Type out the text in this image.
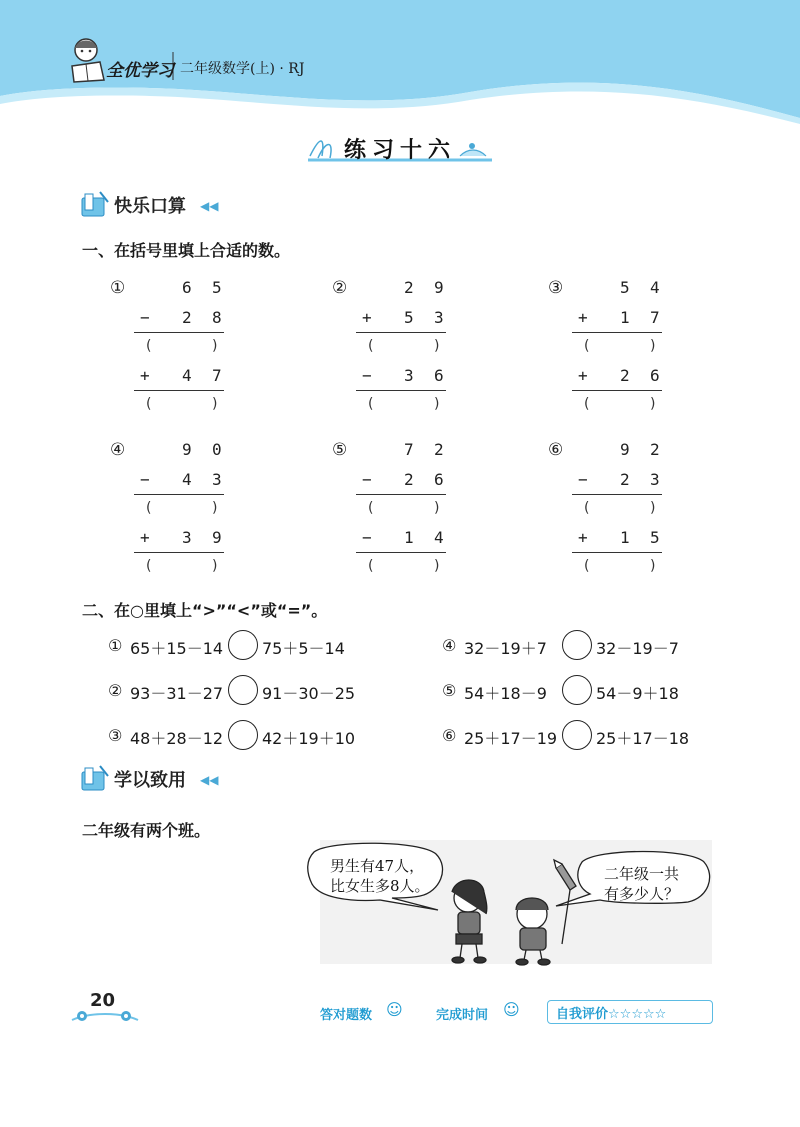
全优学习 二年级数学(上) · RJ
练习十六
快乐口算 ◀◀
一、在括号里填上合适的数。
①	6 5
− 2 8
(	)
+ 4 7
(	)
②	2 9
+ 5 3
(	)
− 3 6
(	)
③	5 4
+ 1 7
(	)
+ 2 6
(	)
④	9 0
− 4 3
(	)
+ 3 9
(	)
⑤	7 2
− 2 6
(	)
− 1 4
(	)
⑥	9 2
− 2 3
(	)
+ 1 5
(	)
二、在○里填上“>”“<”或“=”。
① 65＋15－14 75＋5－14
② 93－31－27 91－30－25
③ 48＋28－12 42＋19＋10
④ 32－19＋7	32－19－7
⑤ 54＋18－9	54－9＋18
⑥ 25＋17－19 25＋17－18
学以致用 ◀◀
二年级有两个班。
男生有47人，
比女生多8人。
二年级一共
有多少人？
20
答对题数 ☺	完成时间 ☺	自我评价☆☆☆☆☆
